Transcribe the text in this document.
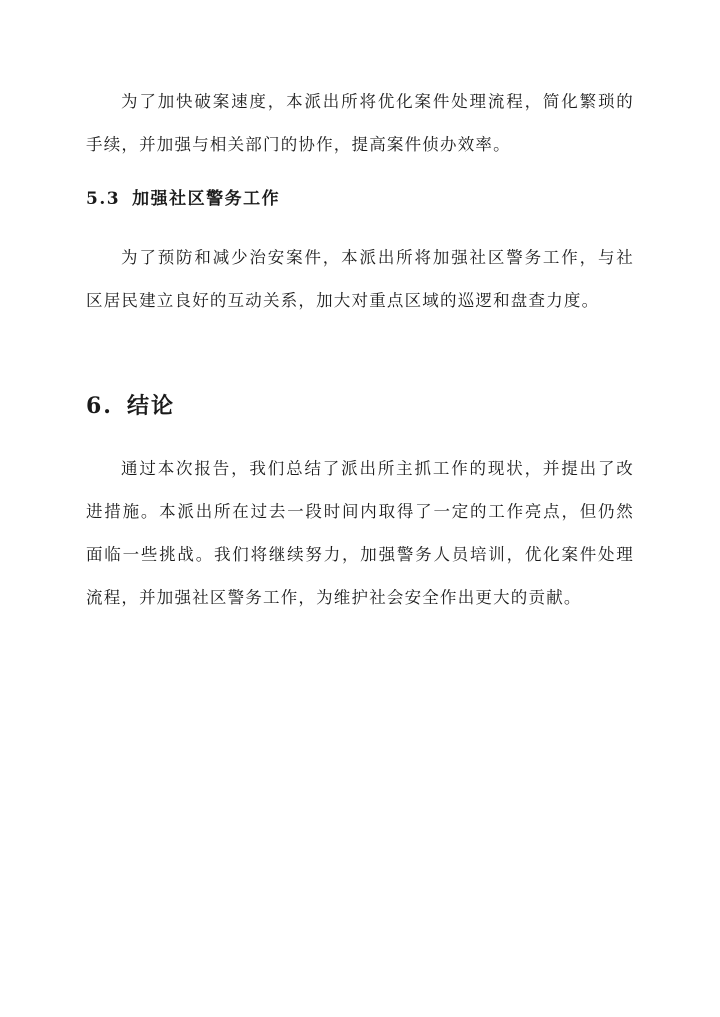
为了加快破案速度，本派出所将优化案件处理流程，简化繁琐的手续，并加强与相关部门的协作，提高案件侦办效率。

5.3 加强社区警务工作

为了预防和减少治安案件，本派出所将加强社区警务工作，与社区居民建立良好的互动关系，加大对重点区域的巡逻和盘查力度。

6. 结论

通过本次报告，我们总结了派出所主抓工作的现状，并提出了改进措施。本派出所在过去一段时间内取得了一定的工作亮点，但仍然面临一些挑战。我们将继续努力，加强警务人员培训，优化案件处理流程，并加强社区警务工作，为维护社会安全作出更大的贡献。
